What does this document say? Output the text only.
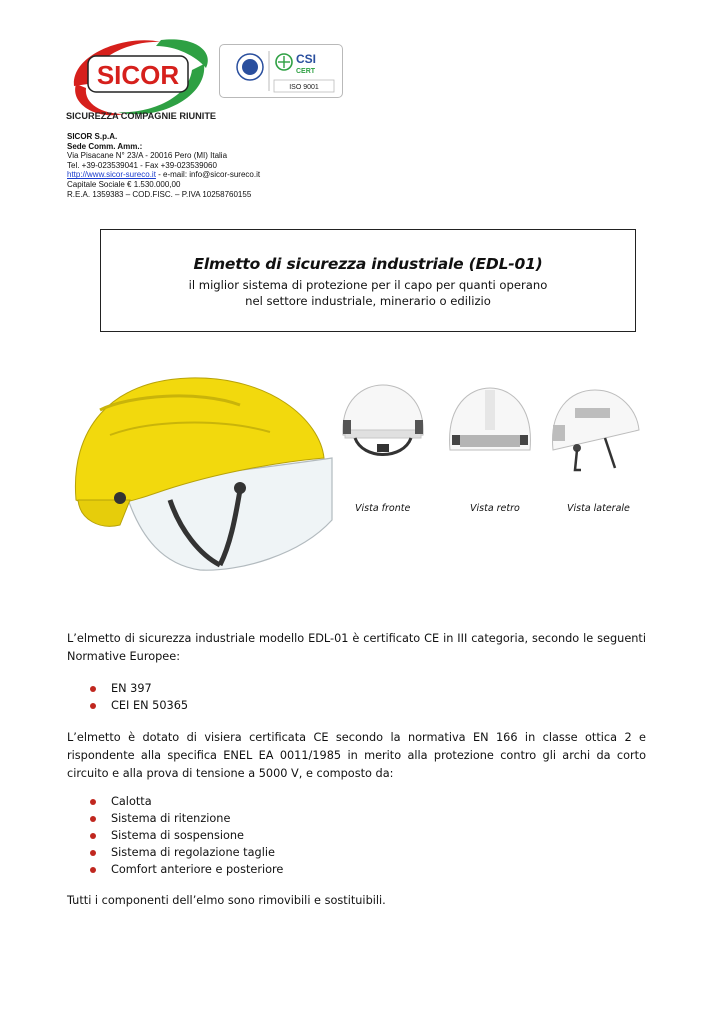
SICOR
SICUREZZA COMPAGNIE RIUNITE
CSI
CERT
ISO 9001
SICOR S.p.A.
Sede Comm. Amm.:
Via Pisacane N° 23/A - 20016 Pero (MI) Italia
Tel. +39-023539041 - Fax +39-023539060
http://www.sicor-sureco.it - e-mail: info@sicor-sureco.it
Capitale Sociale € 1.530.000,00
R.E.A. 1359383 – COD.FISC. – P.IVA 10258760155
Elmetto di sicurezza industriale (EDL-01)
il miglior sistema di protezione per il capo per quanti operano
nel settore industriale, minerario o edilizio
Vista fronte	Vista retro	Vista laterale
L’elmetto di sicurezza industriale modello EDL-01 è certificato CE in III categoria, secondo le seguenti Normative Europee:
EN 397
CEI EN 50365
L’elmetto è dotato di visiera certificata CE secondo la normativa EN 166 in classe ottica 2 e rispondente alla specifica ENEL EA 0011/1985 in merito alla protezione contro gli archi da corto circuito e alla prova di tensione a 5000 V, e composto da:
Calotta
Sistema di ritenzione
Sistema di sospensione
Sistema di regolazione taglie
Comfort anteriore e posteriore
Tutti i componenti dell’elmo sono rimovibili e sostituibili.
